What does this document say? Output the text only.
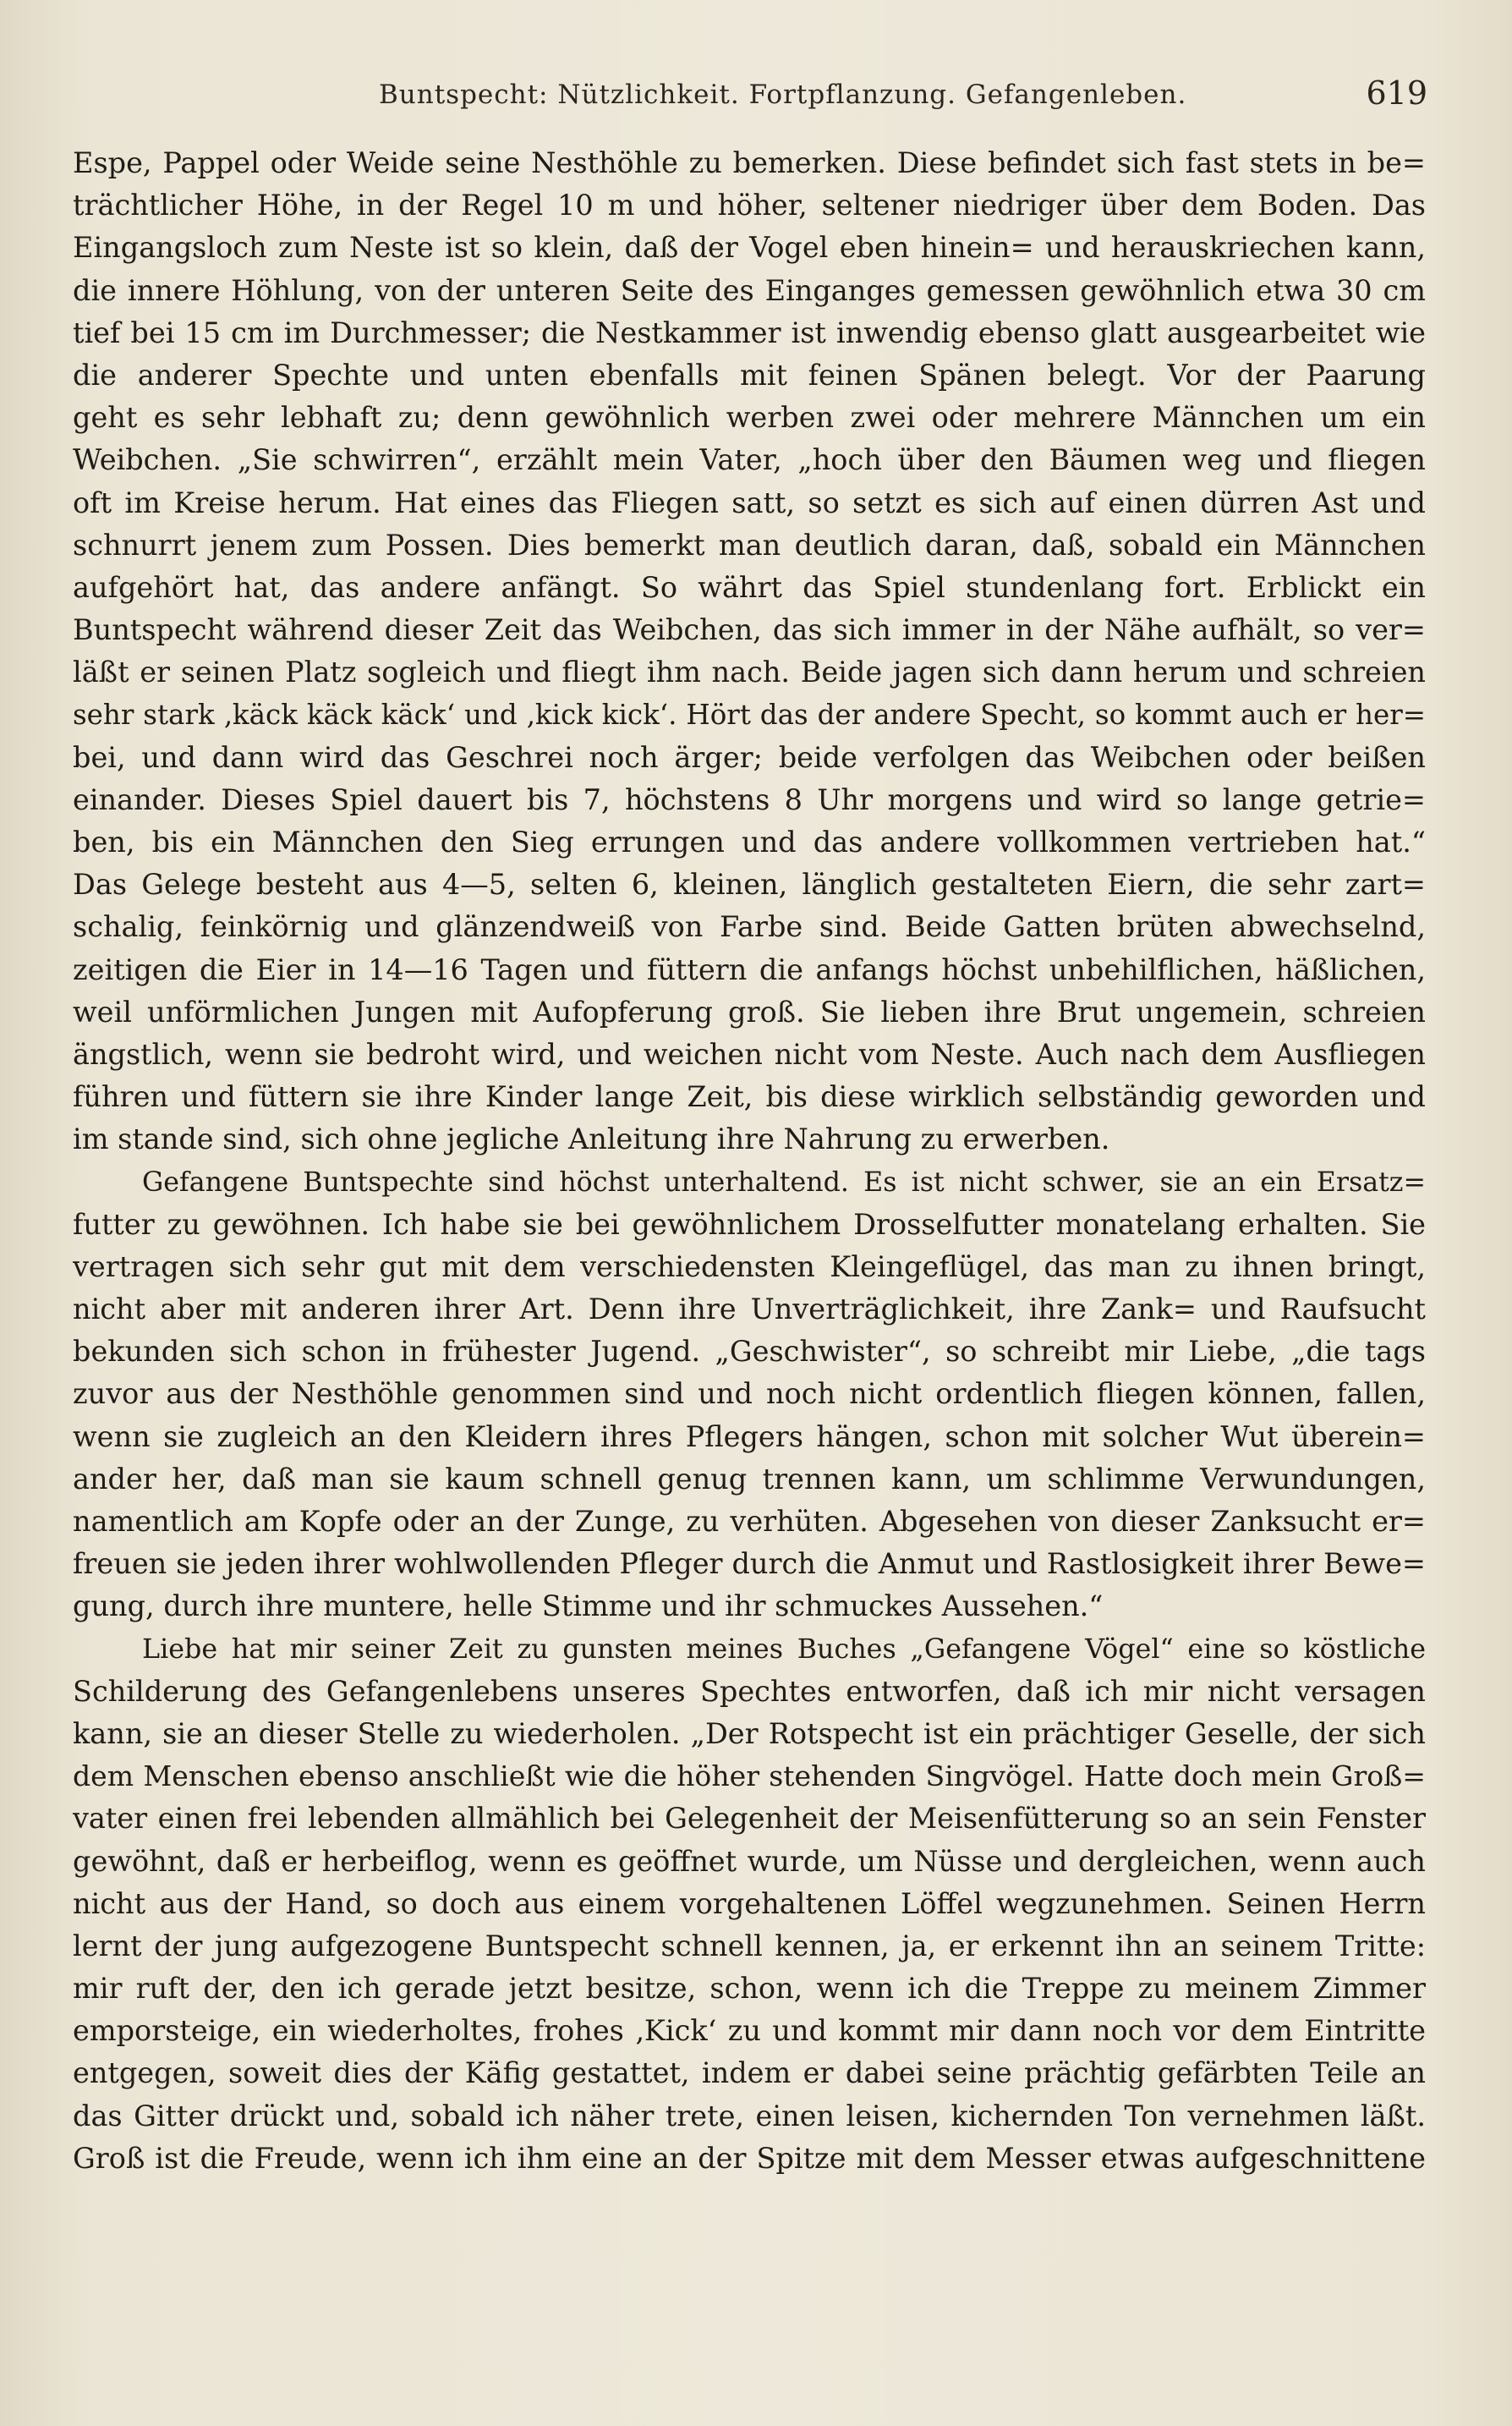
Buntspecht: Nützlichkeit. Fortpflanzung. Gefangenleben.	619
Espe, Pappel oder Weide seine Nesthöhle zu bemerken. Diese befindet sich fast stets in be=
trächtlicher Höhe, in der Regel 10 m und höher, seltener niedriger über dem Boden. Das
Eingangsloch zum Neste ist so klein, daß der Vogel eben hinein= und herauskriechen kann,
die innere Höhlung, von der unteren Seite des Einganges gemessen gewöhnlich etwa 30 cm
tief bei 15 cm im Durchmesser; die Nestkammer ist inwendig ebenso glatt ausgearbeitet wie
die anderer Spechte und unten ebenfalls mit feinen Spänen belegt. Vor der Paarung
geht es sehr lebhaft zu; denn gewöhnlich werben zwei oder mehrere Männchen um ein
Weibchen. „Sie schwirren“, erzählt mein Vater, „hoch über den Bäumen weg und fliegen
oft im Kreise herum. Hat eines das Fliegen satt, so setzt es sich auf einen dürren Ast und
schnurrt jenem zum Possen. Dies bemerkt man deutlich daran, daß, sobald ein Männchen
aufgehört hat, das andere anfängt. So währt das Spiel stundenlang fort. Erblickt ein
Buntspecht während dieser Zeit das Weibchen, das sich immer in der Nähe aufhält, so ver=
läßt er seinen Platz sogleich und fliegt ihm nach. Beide jagen sich dann herum und schreien
sehr stark ‚käck käck käck‘ und ‚kick kick‘. Hört das der andere Specht, so kommt auch er her=
bei, und dann wird das Geschrei noch ärger; beide verfolgen das Weibchen oder beißen
einander. Dieses Spiel dauert bis 7, höchstens 8 Uhr morgens und wird so lange getrie=
ben, bis ein Männchen den Sieg errungen und das andere vollkommen vertrieben hat.“
Das Gelege besteht aus 4—5, selten 6, kleinen, länglich gestalteten Eiern, die sehr zart=
schalig, feinkörnig und glänzendweiß von Farbe sind. Beide Gatten brüten abwechselnd,
zeitigen die Eier in 14—16 Tagen und füttern die anfangs höchst unbehilflichen, häßlichen,
weil unförmlichen Jungen mit Aufopferung groß. Sie lieben ihre Brut ungemein, schreien
ängstlich, wenn sie bedroht wird, und weichen nicht vom Neste. Auch nach dem Ausfliegen
führen und füttern sie ihre Kinder lange Zeit, bis diese wirklich selbständig geworden und
im stande sind, sich ohne jegliche Anleitung ihre Nahrung zu erwerben.
Gefangene Buntspechte sind höchst unterhaltend. Es ist nicht schwer, sie an ein Ersatz=
futter zu gewöhnen. Ich habe sie bei gewöhnlichem Drosselfutter monatelang erhalten. Sie
vertragen sich sehr gut mit dem verschiedensten Kleingeflügel, das man zu ihnen bringt,
nicht aber mit anderen ihrer Art. Denn ihre Unverträglichkeit, ihre Zank= und Raufsucht
bekunden sich schon in frühester Jugend. „Geschwister“, so schreibt mir Liebe, „die tags
zuvor aus der Nesthöhle genommen sind und noch nicht ordentlich fliegen können, fallen,
wenn sie zugleich an den Kleidern ihres Pflegers hängen, schon mit solcher Wut überein=
ander her, daß man sie kaum schnell genug trennen kann, um schlimme Verwundungen,
namentlich am Kopfe oder an der Zunge, zu verhüten. Abgesehen von dieser Zanksucht er=
freuen sie jeden ihrer wohlwollenden Pfleger durch die Anmut und Rastlosigkeit ihrer Bewe=
gung, durch ihre muntere, helle Stimme und ihr schmuckes Aussehen.“
Liebe hat mir seiner Zeit zu gunsten meines Buches „Gefangene Vögel“ eine so köstliche
Schilderung des Gefangenlebens unseres Spechtes entworfen, daß ich mir nicht versagen
kann, sie an dieser Stelle zu wiederholen. „Der Rotspecht ist ein prächtiger Geselle, der sich
dem Menschen ebenso anschließt wie die höher stehenden Singvögel. Hatte doch mein Groß=
vater einen frei lebenden allmählich bei Gelegenheit der Meisenfütterung so an sein Fenster
gewöhnt, daß er herbeiflog, wenn es geöffnet wurde, um Nüsse und dergleichen, wenn auch
nicht aus der Hand, so doch aus einem vorgehaltenen Löffel wegzunehmen. Seinen Herrn
lernt der jung aufgezogene Buntspecht schnell kennen, ja, er erkennt ihn an seinem Tritte:
mir ruft der, den ich gerade jetzt besitze, schon, wenn ich die Treppe zu meinem Zimmer
emporsteige, ein wiederholtes, frohes ‚Kick‘ zu und kommt mir dann noch vor dem Eintritte
entgegen, soweit dies der Käfig gestattet, indem er dabei seine prächtig gefärbten Teile an
das Gitter drückt und, sobald ich näher trete, einen leisen, kichernden Ton vernehmen läßt.
Groß ist die Freude, wenn ich ihm eine an der Spitze mit dem Messer etwas aufgeschnittene
